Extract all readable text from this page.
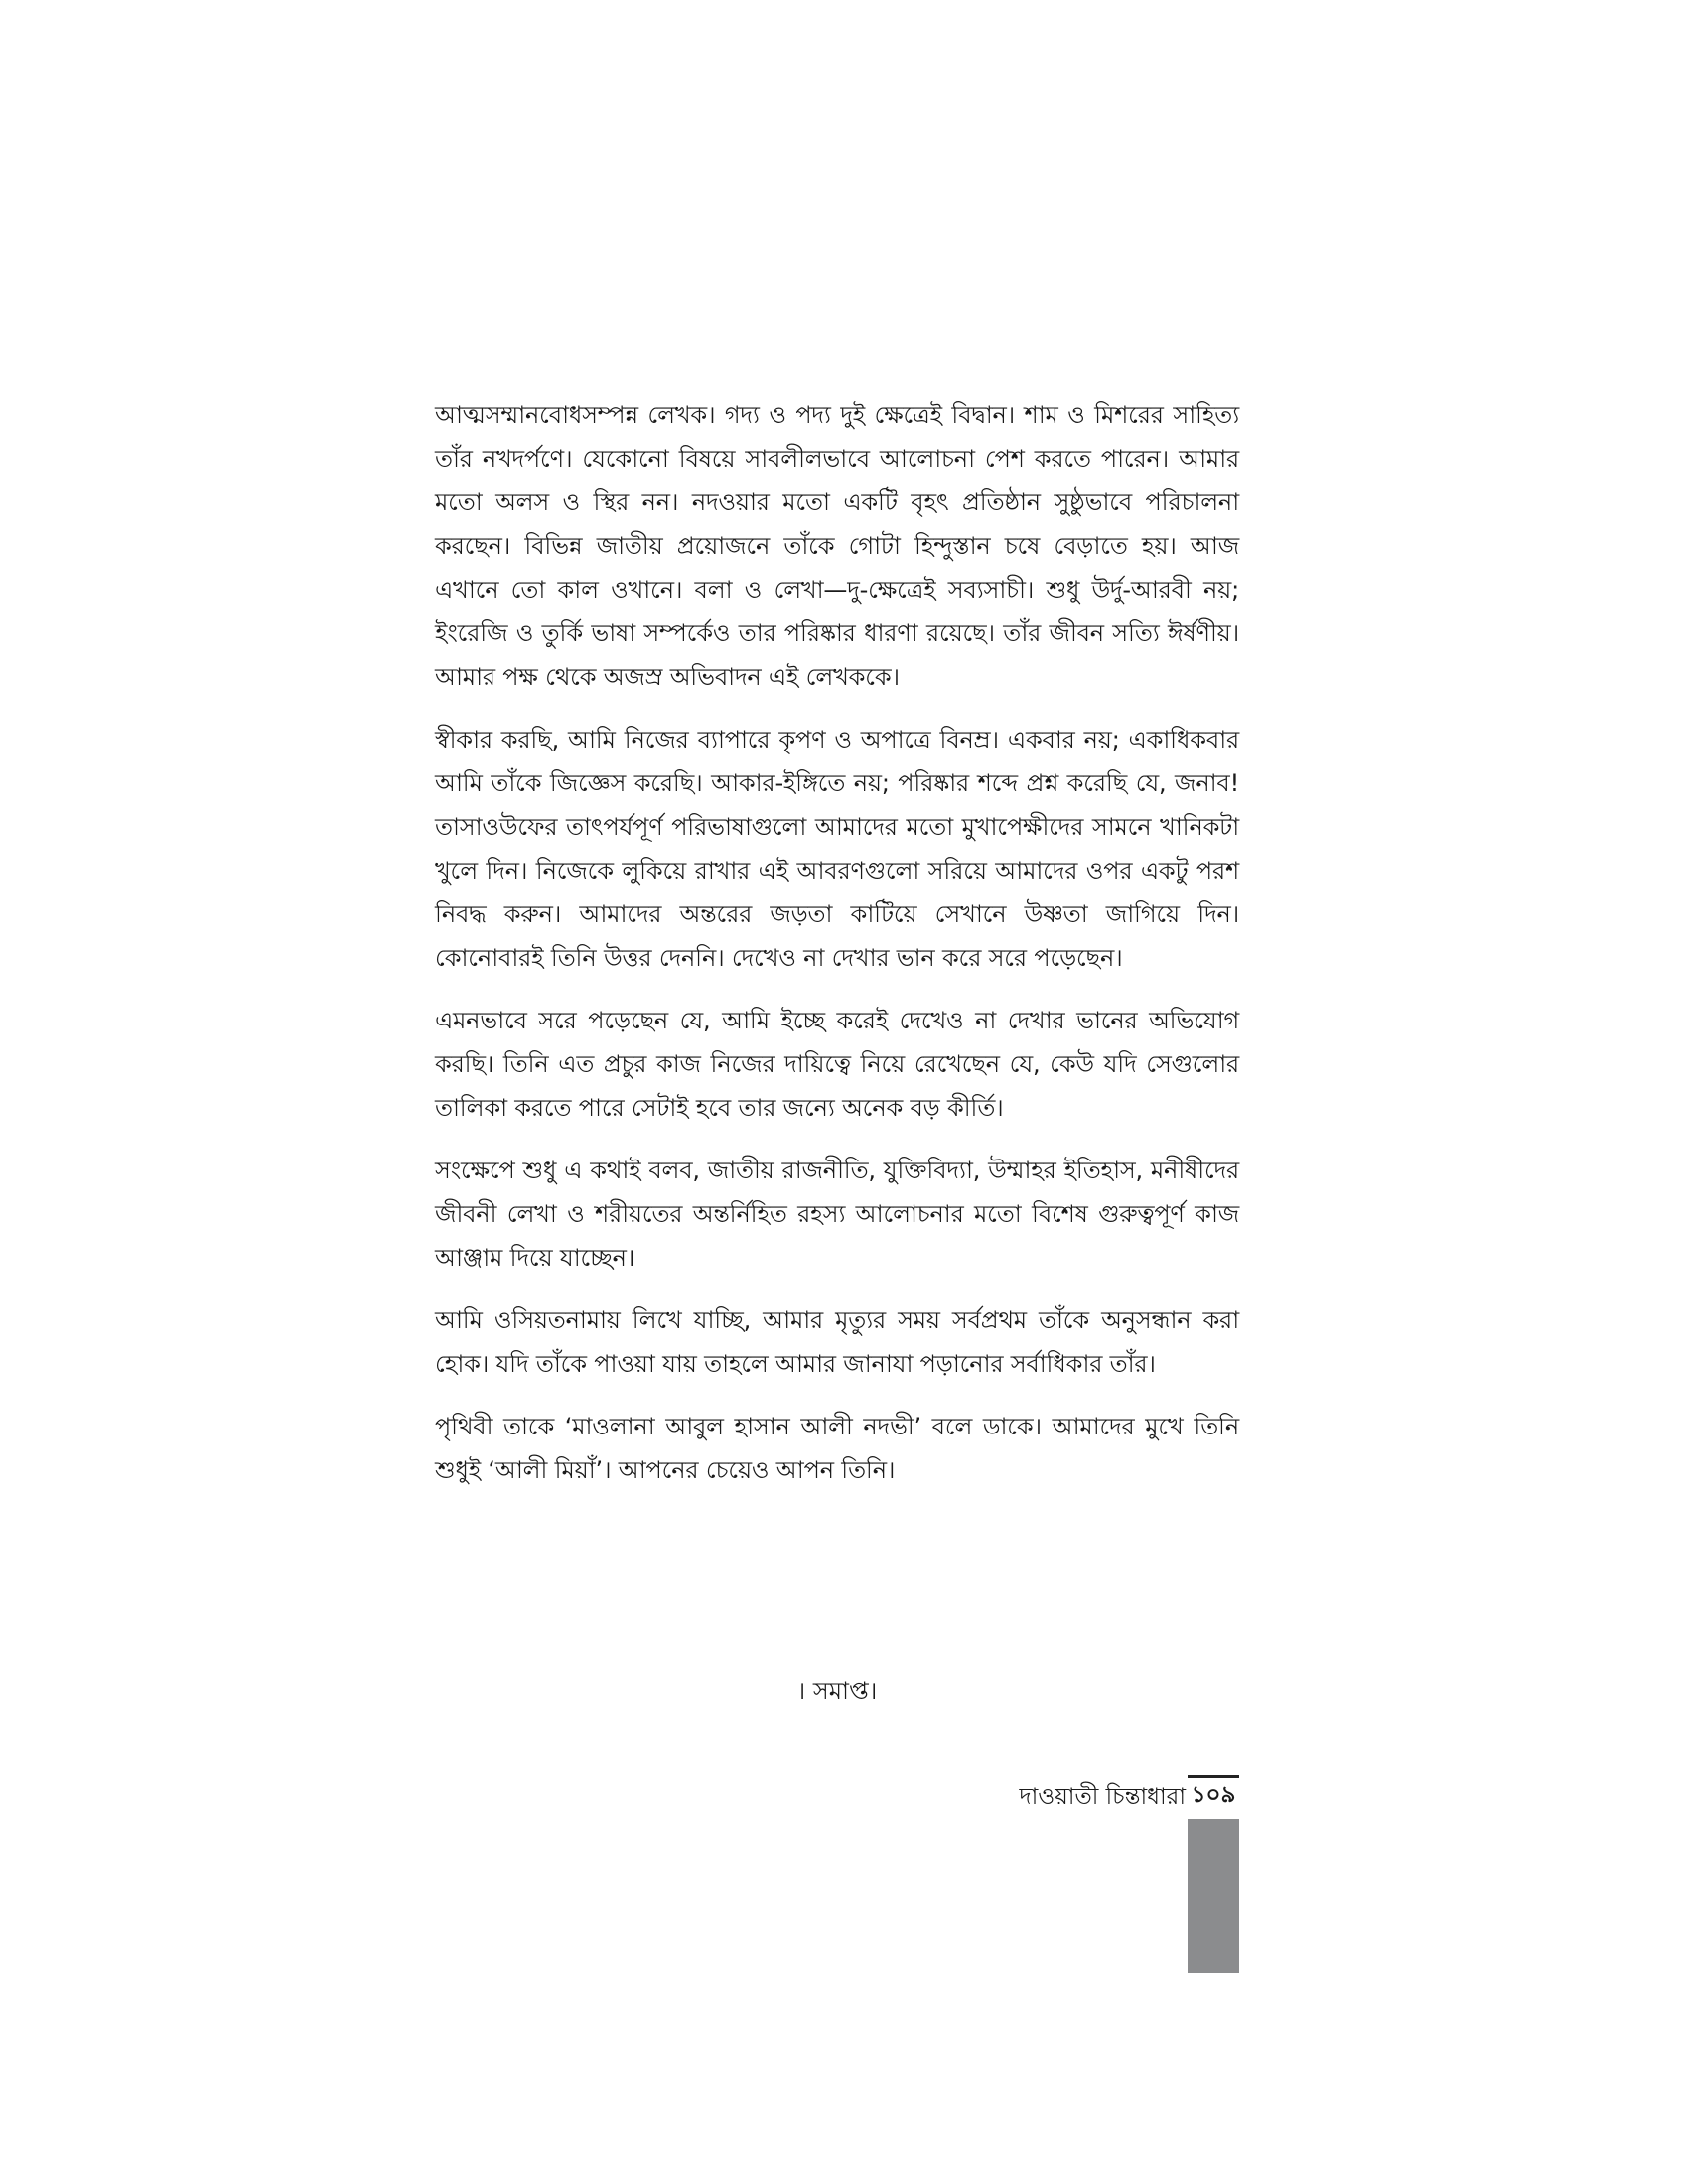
আত্মসম্মানবোধসম্পন্ন লেখক। গদ্য ও পদ্য দুই ক্ষেত্রেই বিদ্বান। শাম ও মিশরের সাহিত্য তাঁর নখদর্পণে। যেকোনো বিষয়ে সাবলীলভাবে আলোচনা পেশ করতে পারেন। আমার মতো অলস ও স্থির নন। নদওয়ার মতো একটি বৃহৎ প্রতিষ্ঠান সুষ্ঠুভাবে পরিচালনা করছেন। বিভিন্ন জাতীয় প্রয়োজনে তাঁকে গোটা হিন্দুস্তান চষে বেড়াতে হয়। আজ এখানে তো কাল ওখানে। বলা ও লেখা—দু-ক্ষেত্রেই সব্যসাচী। শুধু উর্দু-আরবী নয়; ইংরেজি ও তুর্কি ভাষা সম্পর্কেও তার পরিষ্কার ধারণা রয়েছে। তাঁর জীবন সত্যি ঈর্ষণীয়। আমার পক্ষ থেকে অজস্র অভিবাদন এই লেখককে।

স্বীকার করছি, আমি নিজের ব্যাপারে কৃপণ ও অপাত্রে বিনম্র। একবার নয়; একাধিকবার আমি তাঁকে জিজ্ঞেস করেছি। আকার-ইঙ্গিতে নয়; পরিষ্কার শব্দে প্রশ্ন করেছি যে, জনাব! তাসাওউফের তাৎপর্যপূর্ণ পরিভাষাগুলো আমাদের মতো মুখাপেক্ষীদের সামনে খানিকটা খুলে দিন। নিজেকে লুকিয়ে রাখার এই আবরণগুলো সরিয়ে আমাদের ওপর একটু পরশ নিবদ্ধ করুন। আমাদের অন্তরের জড়তা কাটিয়ে সেখানে উষ্ণতা জাগিয়ে দিন। কোনোবারই তিনি উত্তর দেননি। দেখেও না দেখার ভান করে সরে পড়েছেন।

এমনভাবে সরে পড়েছেন যে, আমি ইচ্ছে করেই দেখেও না দেখার ভানের অভিযোগ করছি। তিনি এত প্রচুর কাজ নিজের দায়িত্বে নিয়ে রেখেছেন যে, কেউ যদি সেগুলোর তালিকা করতে পারে সেটাই হবে তার জন্যে অনেক বড় কীর্তি।

সংক্ষেপে শুধু এ কথাই বলব, জাতীয় রাজনীতি, যুক্তিবিদ্যা, উম্মাহর ইতিহাস, মনীষীদের জীবনী লেখা ও শরীয়তের অন্তর্নিহিত রহস্য আলোচনার মতো বিশেষ গুরুত্বপূর্ণ কাজ আঞ্জাম দিয়ে যাচ্ছেন।

আমি ওসিয়তনামায় লিখে যাচ্ছি, আমার মৃত্যুর সময় সর্বপ্রথম তাঁকে অনুসন্ধান করা হোক। যদি তাঁকে পাওয়া যায় তাহলে আমার জানাযা পড়ানোর সর্বাধিকার তাঁর।

পৃথিবী তাকে ‘মাওলানা আবুল হাসান আলী নদভী’ বলে ডাকে। আমাদের মুখে তিনি শুধুই ‘আলী মিয়াঁ’। আপনের চেয়েও আপন তিনি।

। সমাপ্ত।
দাওয়াতী চিন্তাধারা ১০৯
